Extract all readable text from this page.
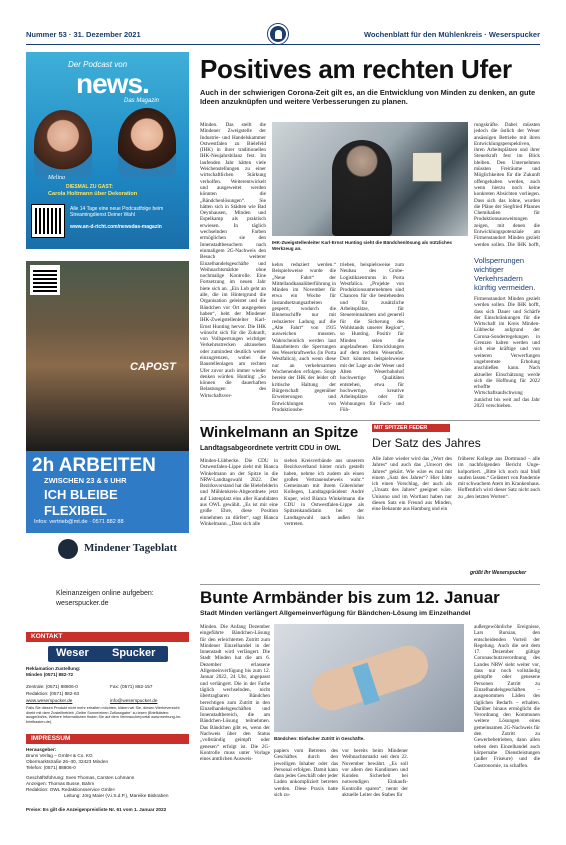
Nummer 53 · 31. Dezember 2021	Wochenblatt für den Mühlenkreis · Weserspucker
Der Podcast von
news.
Das Magazin
Melina
DIESMAL ZU GAST:
Carola Holtmann über Dekoration
Alle 14 Tage eine neue Podcastfolge beim Streamingdienst Deiner Wahl
www.an-d-richt.com/newsdas-magazin
CAPOST
2h ARBEITEN
ZWISCHEN 23 & 6 UHR
ICH BLEIBE
FLEXIBEL
Infos: vertrieb@mt.de · 0571 882 88
Mindener Tageblatt
Kleinanzeigen online aufgeben:
weserspucker.de
KONTAKT
Weser Spucker
Reklamation Zustellung:
Minden (0571) 882-72
Zentrale: (0571) 88806-0	Fax: (0571) 882-157
Redaktion: (0571) 882-63
www.weserspucker.de	info@weserspucker.de
Falls Sie diesen Produkt nicht mehr erhalten möchten, klären wir Sie, diesen Werbeverzicht direkt mit dem Zustellbetrieb „Gelbe Sonne/einen Zuflussgabe“ zu lesen (Briefkästen: ausgeübt/es, Weitere Informationen finden Sie auf dem Verbraucherportal www.werbung-im-briefkasten.de).
IMPRESSUM
Herausgeber:
Bruns Verlag – GmbH & Co. KG
Obermarktstraße 26–30, 32423 Minden
Telefon: (0571) 88806-0
Geschäftsführung: Sven Thomas, Carsten Lohmann
Anzeigen: Thomas Busse, Bahm
Redaktion: OWL Redaktionsservice GmbH
Leitung: Jörg Maier (V.i.S.d.P.), Mareike Biskraben
Preise: Es gilt die Anzeigenpreisliste Nr. 61 vom 1. Januar 2022
Positives am rechten Ufer
Auch in der schwierigen Corona-Zeit gilt es, an die Entwicklung von Minden zu denken, an gute Ideen anzuknüpfen und weitere Verbesserungen zu planen.
Minden. Das stellt die Mindener Zweigstelle der Industrie- und Handelskammer Ostwestfalen zu Bielefeld (IHK) in ihrer traditionellen IHK-Neujahrsbilanz fest. Im laufenden Jahr hätten viele Weichenstellungen zu einer wirtschaftlichen Stärkung verholfen. Weiterentwickelt und ausgeweitet werden könnten die „Bändchenlösungen“. Sie hätten sich in Städten wie Bad Oeynhausen, Minden und Espelkamp als praktisch erwiesen. In täglich wechselnden Farben ermöglichen sie den Innenstadtbesuchern nach einmaligem 2G-Nachweis den Besuch weiterer Einzelhandelsgeschäfte und Weihnachtsmärkte ohne nochmalige Kontrolle. Eine Fortsetzung im neuen Jahr biete sich an. „Ein Lob geht an alle, die im Hintergrund die Organisation geleistet und die Bändchen vor Ort ausgegeben haben“, hebt der Mindener IHK-Zweigstellenleiter Karl-Ernst Hunting hervor. Die IHK wünscht sich für die Zukunft, von Vollsperrungen wichtiger Verkehrsstrecken abzusehen oder zumindest deutlich weiter einzugrenzen, wobei die Baustellenlagen am rechten Ufer zuvor auch immer wieder denken würden. Hunting: „So können die dauerhaften Belastungen des Wirtschaftsver-
IHK-Zweigstellenleiter Karl-Ernst Hunting sieht die Bändchenlösung als nützliches Werkzeug an.
kehrs reduziert werden.“ Beispielsweise wurde die „Neue Fahrt“ der Mittellandkanalüberführung in Minden im November für etwa ein Woche für Instandsetzungsarbeiten gesperrt, wodurch die Binnenschiffe nur mit reduzierter Ladung auf die „Alte Fahrt“ von 1915 ausweichen mussten. Wahrscheinlich werden laut Bauarbeitern die Sperrungen des Weserkraftwerks (in Porta Westfalica), auch wenn diese nur an verkehrsarmen Wochenenden erfolgen. Sorge bereite der IHK der leider oft kritische Haltung der Bürgerschaft gegenüber Erweiterungen und Entwicklungen von Produktionsbe-
trieben, beispielsweise zum Neubau des Grobe-Logistikzentrums in Porta Westfalica. „Projekte von Produktionsunternehmen sind Chancen für die bestehenden und für zusätzliche Arbeitsplätze, für Steuereinnahmen und generell für die Sicherung des Wohlstands unserer Region“, so Hunting. Positiv für Minden seien die angelaufenen Entwicklungen auf dem rechten Weserufer. Dort könnten beispielsweise mit der Lage an der Weser und Alten Weserbahnhof hochwertige Qualitäten entstehen, etwa für hochwertige, kreative Arbeitsplätze oder für Wohnungen für Fach- und Füh-
rungskräfte. Dabei müssten jedoch die östlich der Weser ansässigen Betriebe mit ihren Entwicklungsperspektiven, ihren Arbeitsplätzen und ihrer Steuerkraft fest im Blick bleiben. Den Unternehmen müssten Freiräume und Möglichkeiten für die Zukunft offengehalten werden, auch wenn hierzu noch keine konkreten Absichten vorliegen. Dass sich das lohne, wurden die Pläne der Siegfried Pfannes Chemikalien für Produktionsausweitungen zeigen, mit denen die Entwicklungspotenziale am Firmenstandort Minden gezielt werden sollen. Die IHK hofft,
Vollsperrungen wichtiger Verkehrsadern künftig vermeiden.
Firmenstandort Minden gezielt werden sollen. Die IHK hofft, dass sich Dauer und Schärfe der Einschränkungen für die Wirtschaft im Kreis Minden-Lübbecke aufgrund der Corona-Sonderregelungen in Grenzen halten werden und sich eine kräftige und von weiteren Verwerfungen ungebremste Erholung anschließen kann. Nach aktueller Einschätzung werde sich die Hoffnung für 2022 erhoffte Wirtschaftsaufschwung zunächst bis weit auf das Jahr 2023 verschieben.
Winkelmann an Spitze
Landtagsabgeordnete vertritt CDU in OWL
Minden-Lübbecke. Die CDU in Ostwestfalen-Lippe zieht mit Bianca Winkelmann an der Spitze in die NRW-Landtagswahl 2022. Der Bezirksvorstand hat die Bielefelderin und Mühlenkreis-Abgeordnete jetzt auf Listenplatz eins aller Kandidaten aus OWL gewählt. „Es ist mir eine große Ehre, diese Position einnehmen zu dürfen“, sagt Bianca Winkelmann. „Dass sich alle
sieben Kreisverbände aus unserem Bezirksverband hinter mich gestellt haben, nehme ich zudem als einen großen Vertrauensbeweis wahr.“ Gemeinsam mit ihrem Gütersloher Kollegen, Landtagspräsident André Kuper, wird Bianca Winkelmann die CDU in Ostwestfalen-Lippe als Spitzenkandidatin bei der Landtagswahl nach außen hin vertreten.
MIT SPITZER FEDER
Der Satz des Jahres
Alle Jahre wieder wird das „Wort des Jahres“ und auch das „Unwort des Jahres“ gekürt. Wie wäre es mal mit einem „Satz des Jahres“? Hier hätte ich einen Vorschlag, der auch als „Unsatz des Jahres“ geeignet wäre. Unisono und im Wortlaut haben nur diesen Satz ein Freund aus Minden, eine Bekannte aus Hamburg und ein
früherer Kollege aus Dortmund – alle im nachfolgenden Bericht Unge-kolportiert. „Bitte ich noch mal bloß saufen lassen.“ Gelästert von Pandemie mit schwachem Atem im Krankenhaus. Hoffentlich wird dieser Satz nicht auch zu „den letzten Worten“.
grüßt Ihr Weserspucker
Bunte Armbänder bis zum 12. Januar
Stadt Minden verlängert Allgemeinverfügung für Bändchen-Lösung im Einzelhandel
Minden. Die Anfang Dezember eingeführte Bändchen-Lösung für den erleichterten Zutritt zum Mindener Einzelhandel in der Innenstadt wird verlängert. Die Stadt Minden hat die am 6. Dezember erlassene Allgemeinverfügung bis zum 12. Januar 2022, 24 Uhr, angepasst und verlängert. Die in der Farbe täglich wechselnden, nicht übertragbaren Bändchen berechtigen zum Zutritt in den Einzelhandelsgeschäften und Innenstadtbereich, die am Bändchen-Lösung teilnehmen. Das Bändchen gibt es, wenn der Nachweis über den Status „vollständig geimpft oder genesen“ erfolgt ist. Die 2G-Kontrolle muss unter Vorlage eines amtlichen Ausweis-
Bändchen: Einfacher Zutritt in Geschäfte.
papiers vom Betreten des Geschäftes durch den jeweiligen Inhaber oder das Personal erfolgen. Damit kann dann jedes Geschäft oder jeder Laden unkompliziert betreten werden. Diese Praxis hatte sich zu-
vor bereits beim Mindener Weihnachtsmarkt seit dem 22. November bewährt. „Es soll vor allem den Kundinnen und Kunden Sicherheit bei notwendigen Einkaufs-Kontrolle sparen“, nennt der aktuelle Leiter des Stabes für
außergewöhnliche Ereignisse, Lars Bursian, den entscheidenden Vorteil der Regelung. Auch die seit dem 17. Dezember gültige Coronaschutzverordnung des Landes NRW sieht weiter vor, dass nur noch vollständig geimpfte oder genesene Personen Zutritt zu Einzelhandelsgeschäften – ausgenommen Läden des täglichen Bedarfs – erhalten. Darüber hinaus ermöglicht die Verordnung den Kommunen weitere Lösungen eines gemeinsamen 2G-Nachweis für den Zutritt zu Gewerbebetrieben, dann allen neben dem Einzelhandel auch körpernahe Dienstleistungen (außer Friseure) und die Gastronomie, zu schaffen.
